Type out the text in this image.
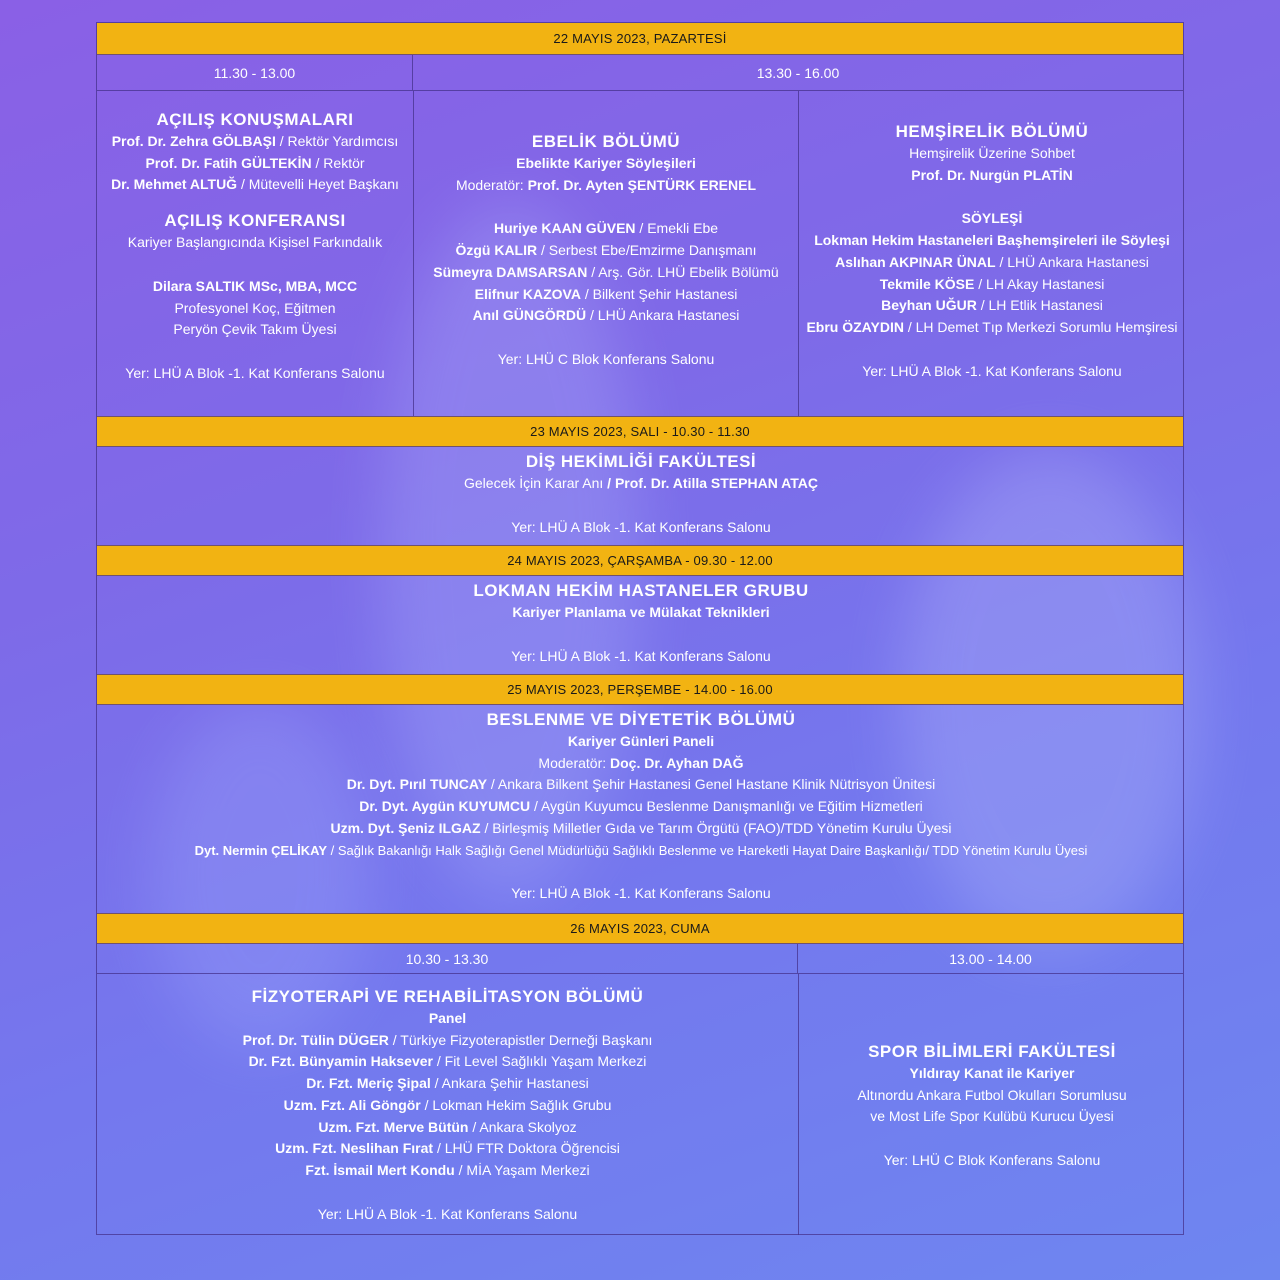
22 MAYIS 2023, PAZARTESİ
11.30 - 13.00	13.30 - 16.00
AÇILIŞ KONUŞMALARI
Prof. Dr. Zehra GÖLBAŞI / Rektör Yardımcısı
Prof. Dr. Fatih GÜLTEKİN / Rektör
Dr. Mehmet ALTUĞ / Mütevelli Heyet Başkanı
AÇILIŞ KONFERANSI
Kariyer Başlangıcında Kişisel Farkındalık
Dilara SALTIK MSc, MBA, MCC
Profesyonel Koç, Eğitmen
Peryön Çevik Takım Üyesi
Yer: LHÜ A Blok -1. Kat Konferans Salonu
EBELİK BÖLÜMÜ
Ebelikte Kariyer Söyleşileri
Moderatör: Prof. Dr. Ayten ŞENTÜRK ERENEL
Huriye KAAN GÜVEN / Emekli Ebe
Özgü KALIR / Serbest Ebe/Emzirme Danışmanı
Sümeyra DAMSARSAN / Arş. Gör. LHÜ Ebelik Bölümü
Elifnur KAZOVA / Bilkent Şehir Hastanesi
Anıl GÜNGÖRDÜ / LHÜ Ankara Hastanesi
Yer: LHÜ C Blok Konferans Salonu
HEMŞİRELİK BÖLÜMÜ
Hemşirelik Üzerine Sohbet
Prof. Dr. Nurgün PLATİN
SÖYLEŞİ
Lokman Hekim Hastaneleri Başhemşireleri ile Söyleşi
Aslıhan AKPINAR ÜNAL / LHÜ Ankara Hastanesi
Tekmile KÖSE / LH Akay Hastanesi
Beyhan UĞUR / LH Etlik Hastanesi
Ebru ÖZAYDIN / LH Demet Tıp Merkezi Sorumlu Hemşiresi
Yer: LHÜ A Blok -1. Kat Konferans Salonu
23 MAYIS 2023, SALI - 10.30 - 11.30
DİŞ HEKİMLİĞİ FAKÜLTESİ
Gelecek İçin Karar Anı / Prof. Dr. Atilla STEPHAN ATAÇ
Yer: LHÜ A Blok -1. Kat Konferans Salonu
24 MAYIS 2023, ÇARŞAMBA - 09.30 - 12.00
LOKMAN HEKİM HASTANELER GRUBU
Kariyer Planlama ve Mülakat Teknikleri
Yer: LHÜ A Blok -1. Kat Konferans Salonu
25 MAYIS 2023, PERŞEMBE - 14.00 - 16.00
BESLENME VE DİYETETİK BÖLÜMÜ
Kariyer Günleri Paneli
Moderatör: Doç. Dr. Ayhan DAĞ
Dr. Dyt. Pırıl TUNCAY / Ankara Bilkent Şehir Hastanesi Genel Hastane Klinik Nütrisyon Ünitesi
Dr. Dyt. Aygün KUYUMCU / Aygün Kuyumcu Beslenme Danışmanlığı ve Eğitim Hizmetleri
Uzm. Dyt. Şeniz ILGAZ / Birleşmiş Milletler Gıda ve Tarım Örgütü (FAO)/TDD Yönetim Kurulu Üyesi
Dyt. Nermin ÇELİKAY / Sağlık Bakanlığı Halk Sağlığı Genel Müdürlüğü Sağlıklı Beslenme ve Hareketli Hayat Daire Başkanlığı/ TDD Yönetim Kurulu Üyesi
Yer: LHÜ A Blok -1. Kat Konferans Salonu
26 MAYIS 2023, CUMA
10.30 - 13.30	13.00 - 14.00
FİZYOTERAPİ VE REHABİLİTASYON BÖLÜMÜ
Panel
Prof. Dr. Tülin DÜGER / Türkiye Fizyoterapistler Derneği Başkanı
Dr. Fzt. Bünyamin Haksever / Fit Level Sağlıklı Yaşam Merkezi
Dr. Fzt. Meriç Şipal / Ankara Şehir Hastanesi
Uzm. Fzt. Ali Göngör / Lokman Hekim Sağlık Grubu
Uzm. Fzt. Merve Bütün / Ankara Skolyoz
Uzm. Fzt. Neslihan Fırat / LHÜ FTR Doktora Öğrencisi
Fzt. İsmail Mert Kondu / MİA Yaşam Merkezi
Yer: LHÜ A Blok -1. Kat Konferans Salonu
SPOR BİLİMLERİ FAKÜLTESİ
Yıldıray Kanat ile Kariyer
Altınordu Ankara Futbol Okulları Sorumlusu
ve Most Life Spor Kulübü Kurucu Üyesi
Yer: LHÜ C Blok Konferans Salonu
